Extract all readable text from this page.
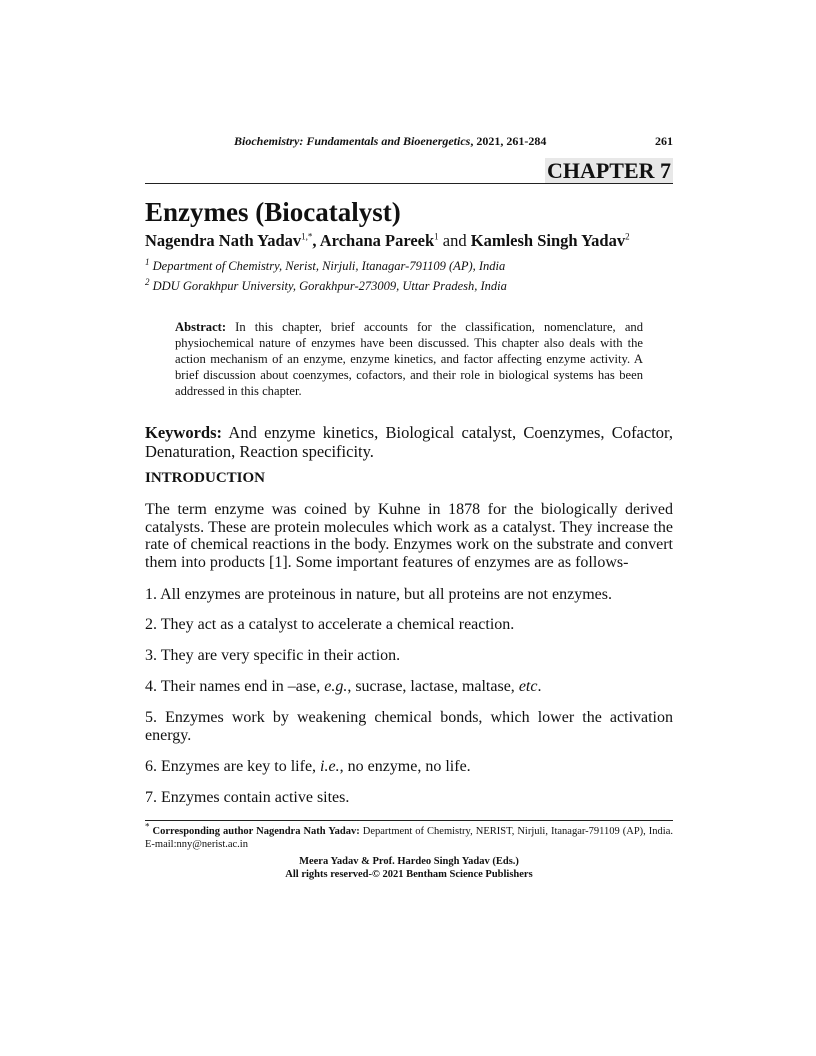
Biochemistry: Fundamentals and Bioenergetics, 2021, 261-284	261
CHAPTER 7
Enzymes (Biocatalyst)
Nagendra Nath Yadav$^{1,*}$, Archana Pareek$^1$ and Kamlesh Singh Yadav$^2$
$^1$ Department of Chemistry, Nerist, Nirjuli, Itanagar-791109 (AP), India
$^2$ DDU Gorakhpur University, Gorakhpur-273009, Uttar Pradesh, India
Abstract: In this chapter, brief accounts for the classification, nomenclature, and physiochemical nature of enzymes have been discussed. This chapter also deals with the action mechanism of an enzyme, enzyme kinetics, and factor affecting enzyme activity. A brief discussion about coenzymes, cofactors, and their role in biological systems has been addressed in this chapter.
Keywords: And enzyme kinetics, Biological catalyst, Coenzymes, Cofactor, Denaturation, Reaction specificity.
INTRODUCTION
The term enzyme was coined by Kuhne in 1878 for the biologically derived catalysts. These are protein molecules which work as a catalyst. They increase the rate of chemical reactions in the body. Enzymes work on the substrate and convert them into products [1]. Some important features of enzymes are as follows-
1. All enzymes are proteinous in nature, but all proteins are not enzymes.
2. They act as a catalyst to accelerate a chemical reaction.
3. They are very specific in their action.
4. Their names end in –ase, e.g., sucrase, lactase, maltase, etc.
5. Enzymes work by weakening chemical bonds, which lower the activation energy.
6. Enzymes are key to life, i.e., no enzyme, no life.
7. Enzymes contain active sites.
* Corresponding author Nagendra Nath Yadav: Department of Chemistry, NERIST, Nirjuli, Itanagar-791109 (AP), India. E-mail:nny@nerist.ac.in
Meera Yadav & Prof. Hardeo Singh Yadav (Eds.)
All rights reserved-© 2021 Bentham Science Publishers
